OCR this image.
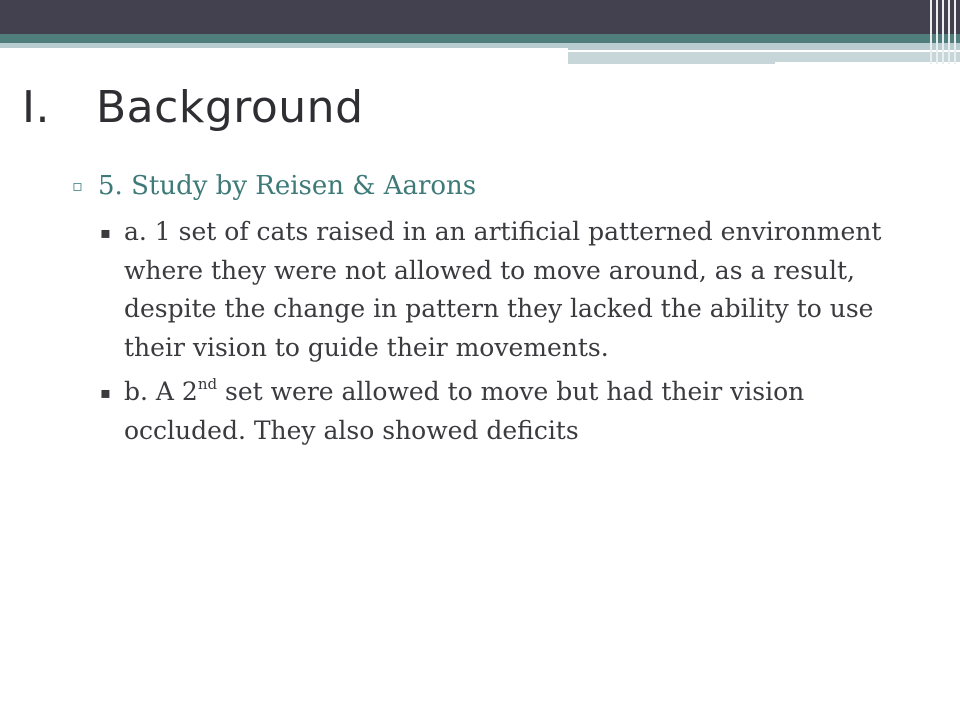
I.	Background
▫ 5. Study by Reisen & Aarons
▪ a. 1 set of cats raised in an artificial patterned environment where they were not allowed to move around, as a result, despite the change in pattern they lacked the ability to use their vision to guide their movements.
▪ b. A 2nd set were allowed to move but had their vision occluded. They also showed deficits
